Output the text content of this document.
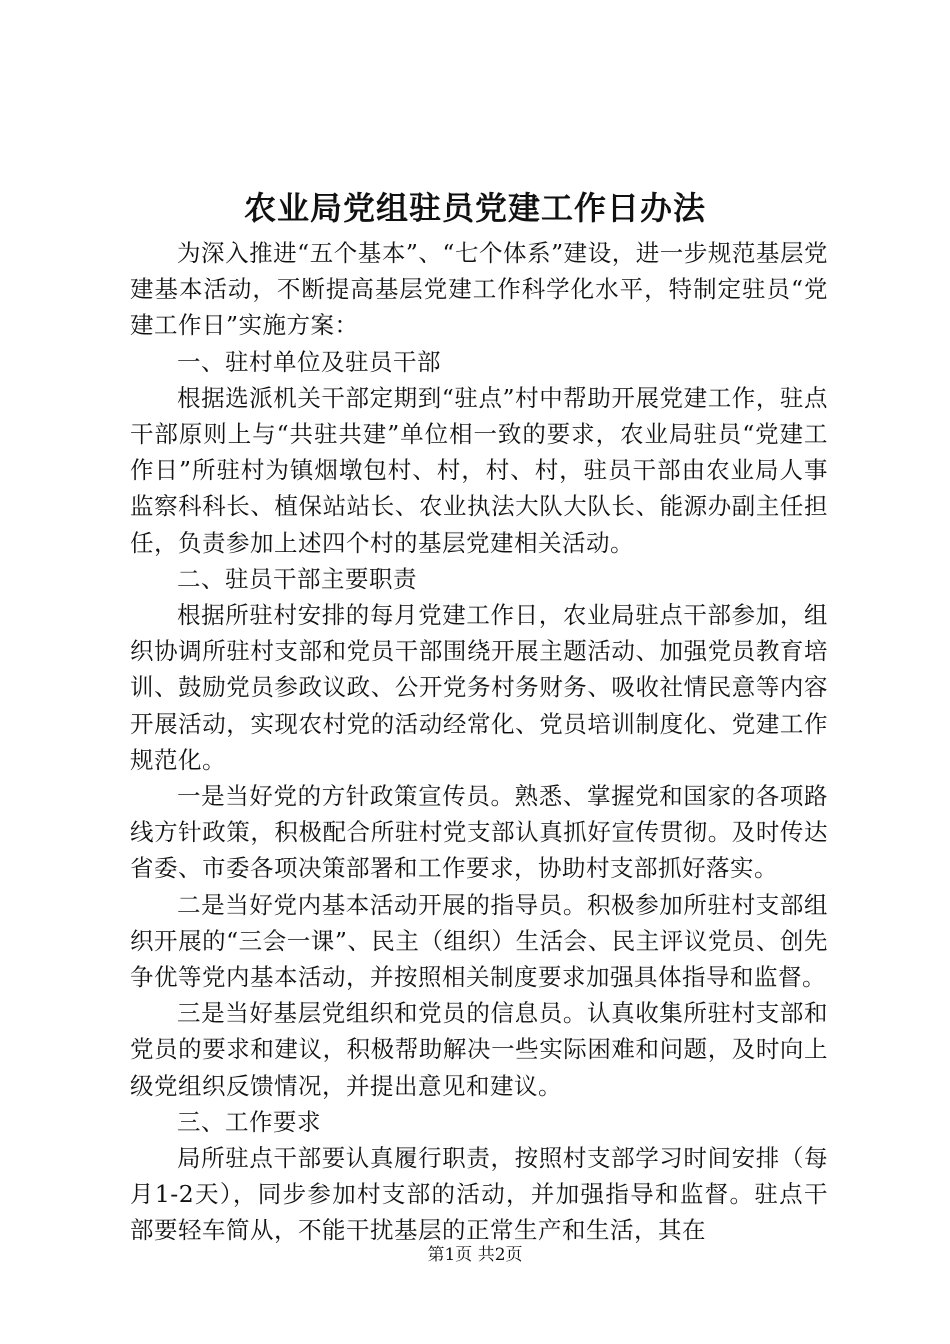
农业局党组驻员党建工作日办法

为深入推进“五个基本”、“七个体系”建设，进一步规范基层党建基本活动，不断提高基层党建工作科学化水平，特制定驻员“党建工作日”实施方案：

一、驻村单位及驻员干部

根据选派机关干部定期到“驻点”村中帮助开展党建工作，驻点干部原则上与“共驻共建”单位相一致的要求，农业局驻员“党建工作日”所驻村为镇烟墩包村、村，村、村，驻员干部由农业局人事监察科科长、植保站站长、农业执法大队大队长、能源办副主任担任，负责参加上述四个村的基层党建相关活动。

二、驻员干部主要职责

根据所驻村安排的每月党建工作日，农业局驻点干部参加，组织协调所驻村支部和党员干部围绕开展主题活动、加强党员教育培训、鼓励党员参政议政、公开党务村务财务、吸收社情民意等内容开展活动，实现农村党的活动经常化、党员培训制度化、党建工作规范化。

一是当好党的方针政策宣传员。熟悉、掌握党和国家的各项路线方针政策，积极配合所驻村党支部认真抓好宣传贯彻。及时传达省委、市委各项决策部署和工作要求，协助村支部抓好落实。

二是当好党内基本活动开展的指导员。积极参加所驻村支部组织开展的“三会一课”、民主（组织）生活会、民主评议党员、创先争优等党内基本活动，并按照相关制度要求加强具体指导和监督。

三是当好基层党组织和党员的信息员。认真收集所驻村支部和党员的要求和建议，积极帮助解决一些实际困难和问题，及时向上级党组织反馈情况，并提出意见和建议。

三、工作要求

局所驻点干部要认真履行职责，按照村支部学习时间安排（每月1-2天），同步参加村支部的活动，并加强指导和监督。驻点干部要轻车简从，不能干扰基层的正常生产和生活，其在

第1页 共2页
